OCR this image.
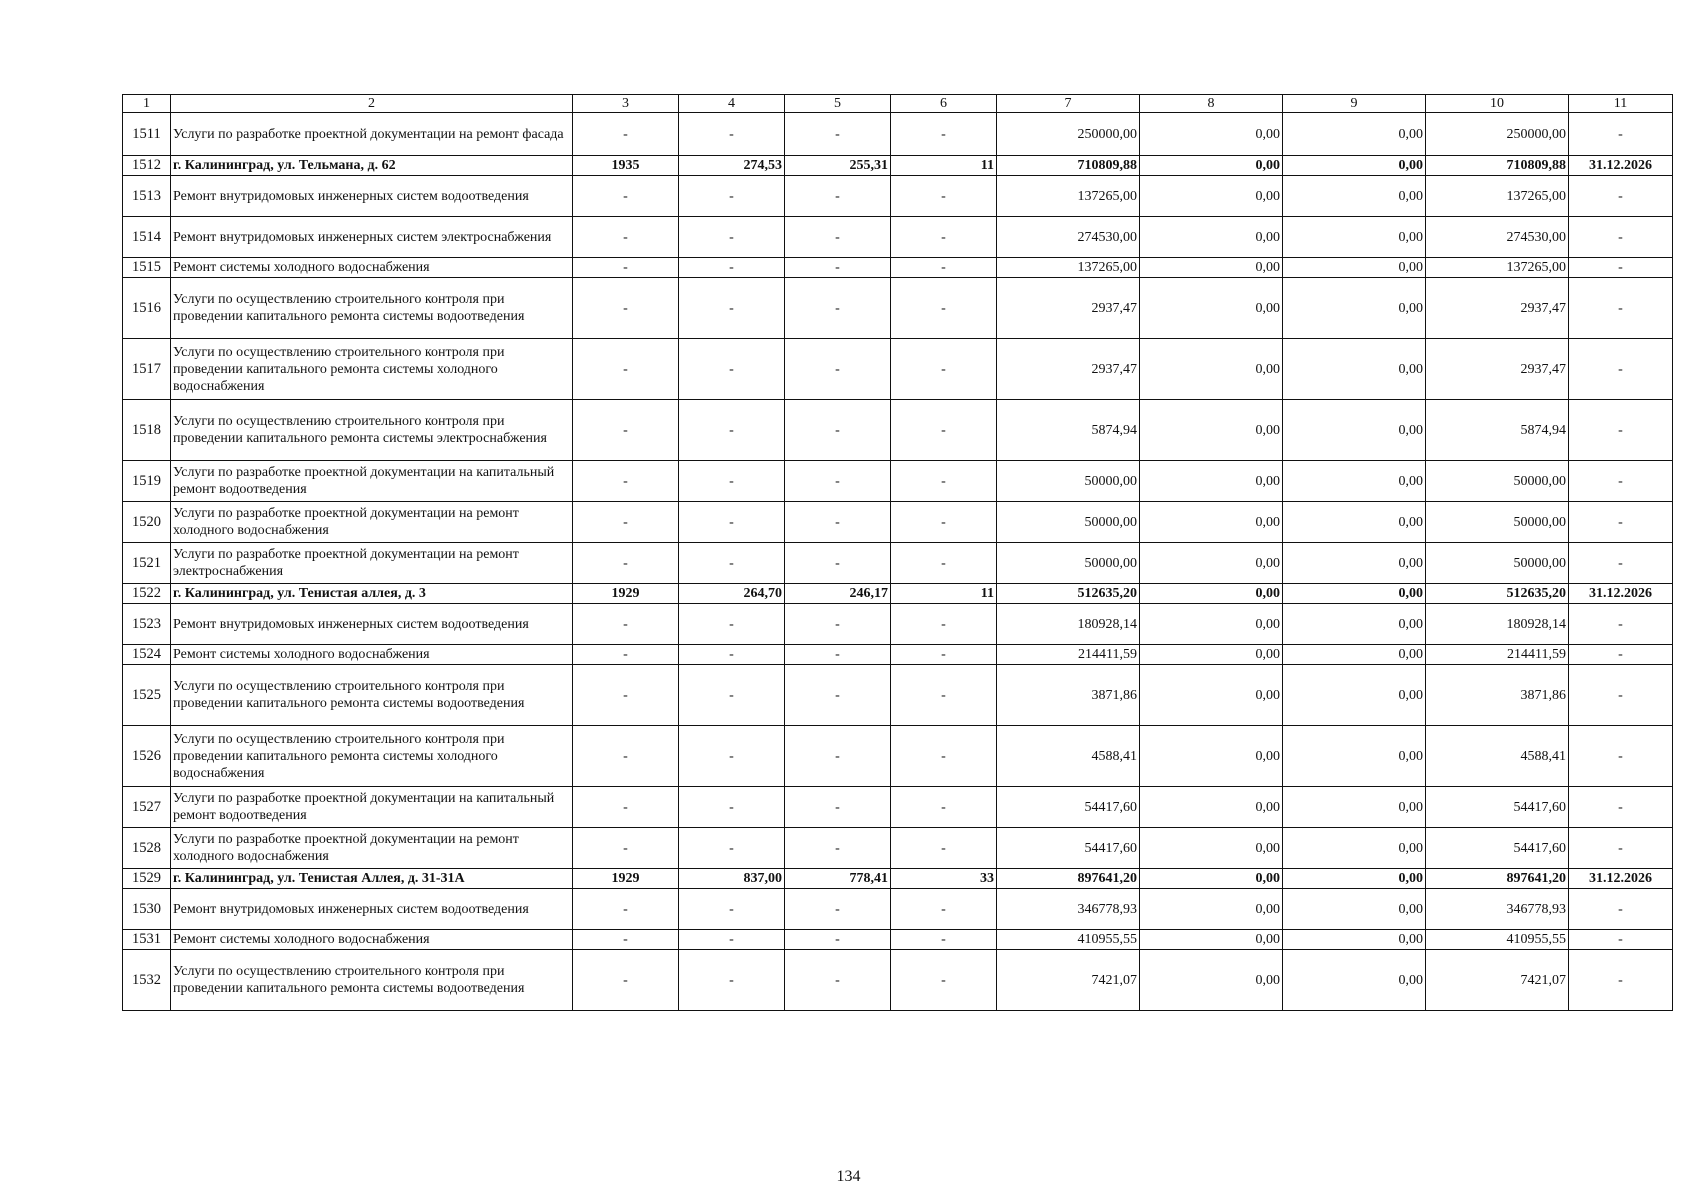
1	2	3	4	5	6	7	8	9	10	11
1511	Услуги по разработке проектной документации на ремонт фасада	-	-	-	-	250000,00	0,00	0,00	250000,00	-
1512	г. Калининград, ул. Тельмана, д. 62	1935	274,53	255,31	11	710809,88	0,00	0,00	710809,88	31.12.2026
1513	Ремонт внутридомовых инженерных систем водоотведения	-	-	-	-	137265,00	0,00	0,00	137265,00	-
1514	Ремонт внутридомовых инженерных систем электроснабжения	-	-	-	-	274530,00	0,00	0,00	274530,00	-
1515	Ремонт системы холодного водоснабжения	-	-	-	-	137265,00	0,00	0,00	137265,00	-
1516	Услуги по осуществлению строительного контроля при проведении капитального ремонта системы водоотведения	-	-	-	-	2937,47	0,00	0,00	2937,47	-
1517	Услуги по осуществлению строительного контроля при проведении капитального ремонта системы холодного водоснабжения	-	-	-	-	2937,47	0,00	0,00	2937,47	-
1518	Услуги по осуществлению строительного контроля при проведении капитального ремонта системы электроснабжения	-	-	-	-	5874,94	0,00	0,00	5874,94	-
1519	Услуги по разработке проектной документации на капитальный ремонт водоотведения	-	-	-	-	50000,00	0,00	0,00	50000,00	-
1520	Услуги по разработке проектной документации на ремонт холодного водоснабжения	-	-	-	-	50000,00	0,00	0,00	50000,00	-
1521	Услуги по разработке проектной документации на ремонт электроснабжения	-	-	-	-	50000,00	0,00	0,00	50000,00	-
1522	г. Калининград, ул. Тенистая аллея, д. 3	1929	264,70	246,17	11	512635,20	0,00	0,00	512635,20	31.12.2026
1523	Ремонт внутридомовых инженерных систем водоотведения	-	-	-	-	180928,14	0,00	0,00	180928,14	-
1524	Ремонт системы холодного водоснабжения	-	-	-	-	214411,59	0,00	0,00	214411,59	-
1525	Услуги по осуществлению строительного контроля при проведении капитального ремонта системы водоотведения	-	-	-	-	3871,86	0,00	0,00	3871,86	-
1526	Услуги по осуществлению строительного контроля при проведении капитального ремонта системы холодного водоснабжения	-	-	-	-	4588,41	0,00	0,00	4588,41	-
1527	Услуги по разработке проектной документации на капитальный ремонт водоотведения	-	-	-	-	54417,60	0,00	0,00	54417,60	-
1528	Услуги по разработке проектной документации на ремонт холодного водоснабжения	-	-	-	-	54417,60	0,00	0,00	54417,60	-
1529	г. Калининград, ул. Тенистая Аллея, д. 31-31А	1929	837,00	778,41	33	897641,20	0,00	0,00	897641,20	31.12.2026
1530	Ремонт внутридомовых инженерных систем водоотведения	-	-	-	-	346778,93	0,00	0,00	346778,93	-
1531	Ремонт системы холодного водоснабжения	-	-	-	-	410955,55	0,00	0,00	410955,55	-
1532	Услуги по осуществлению строительного контроля при проведении капитального ремонта системы водоотведения	-	-	-	-	7421,07	0,00	0,00	7421,07	-
134
